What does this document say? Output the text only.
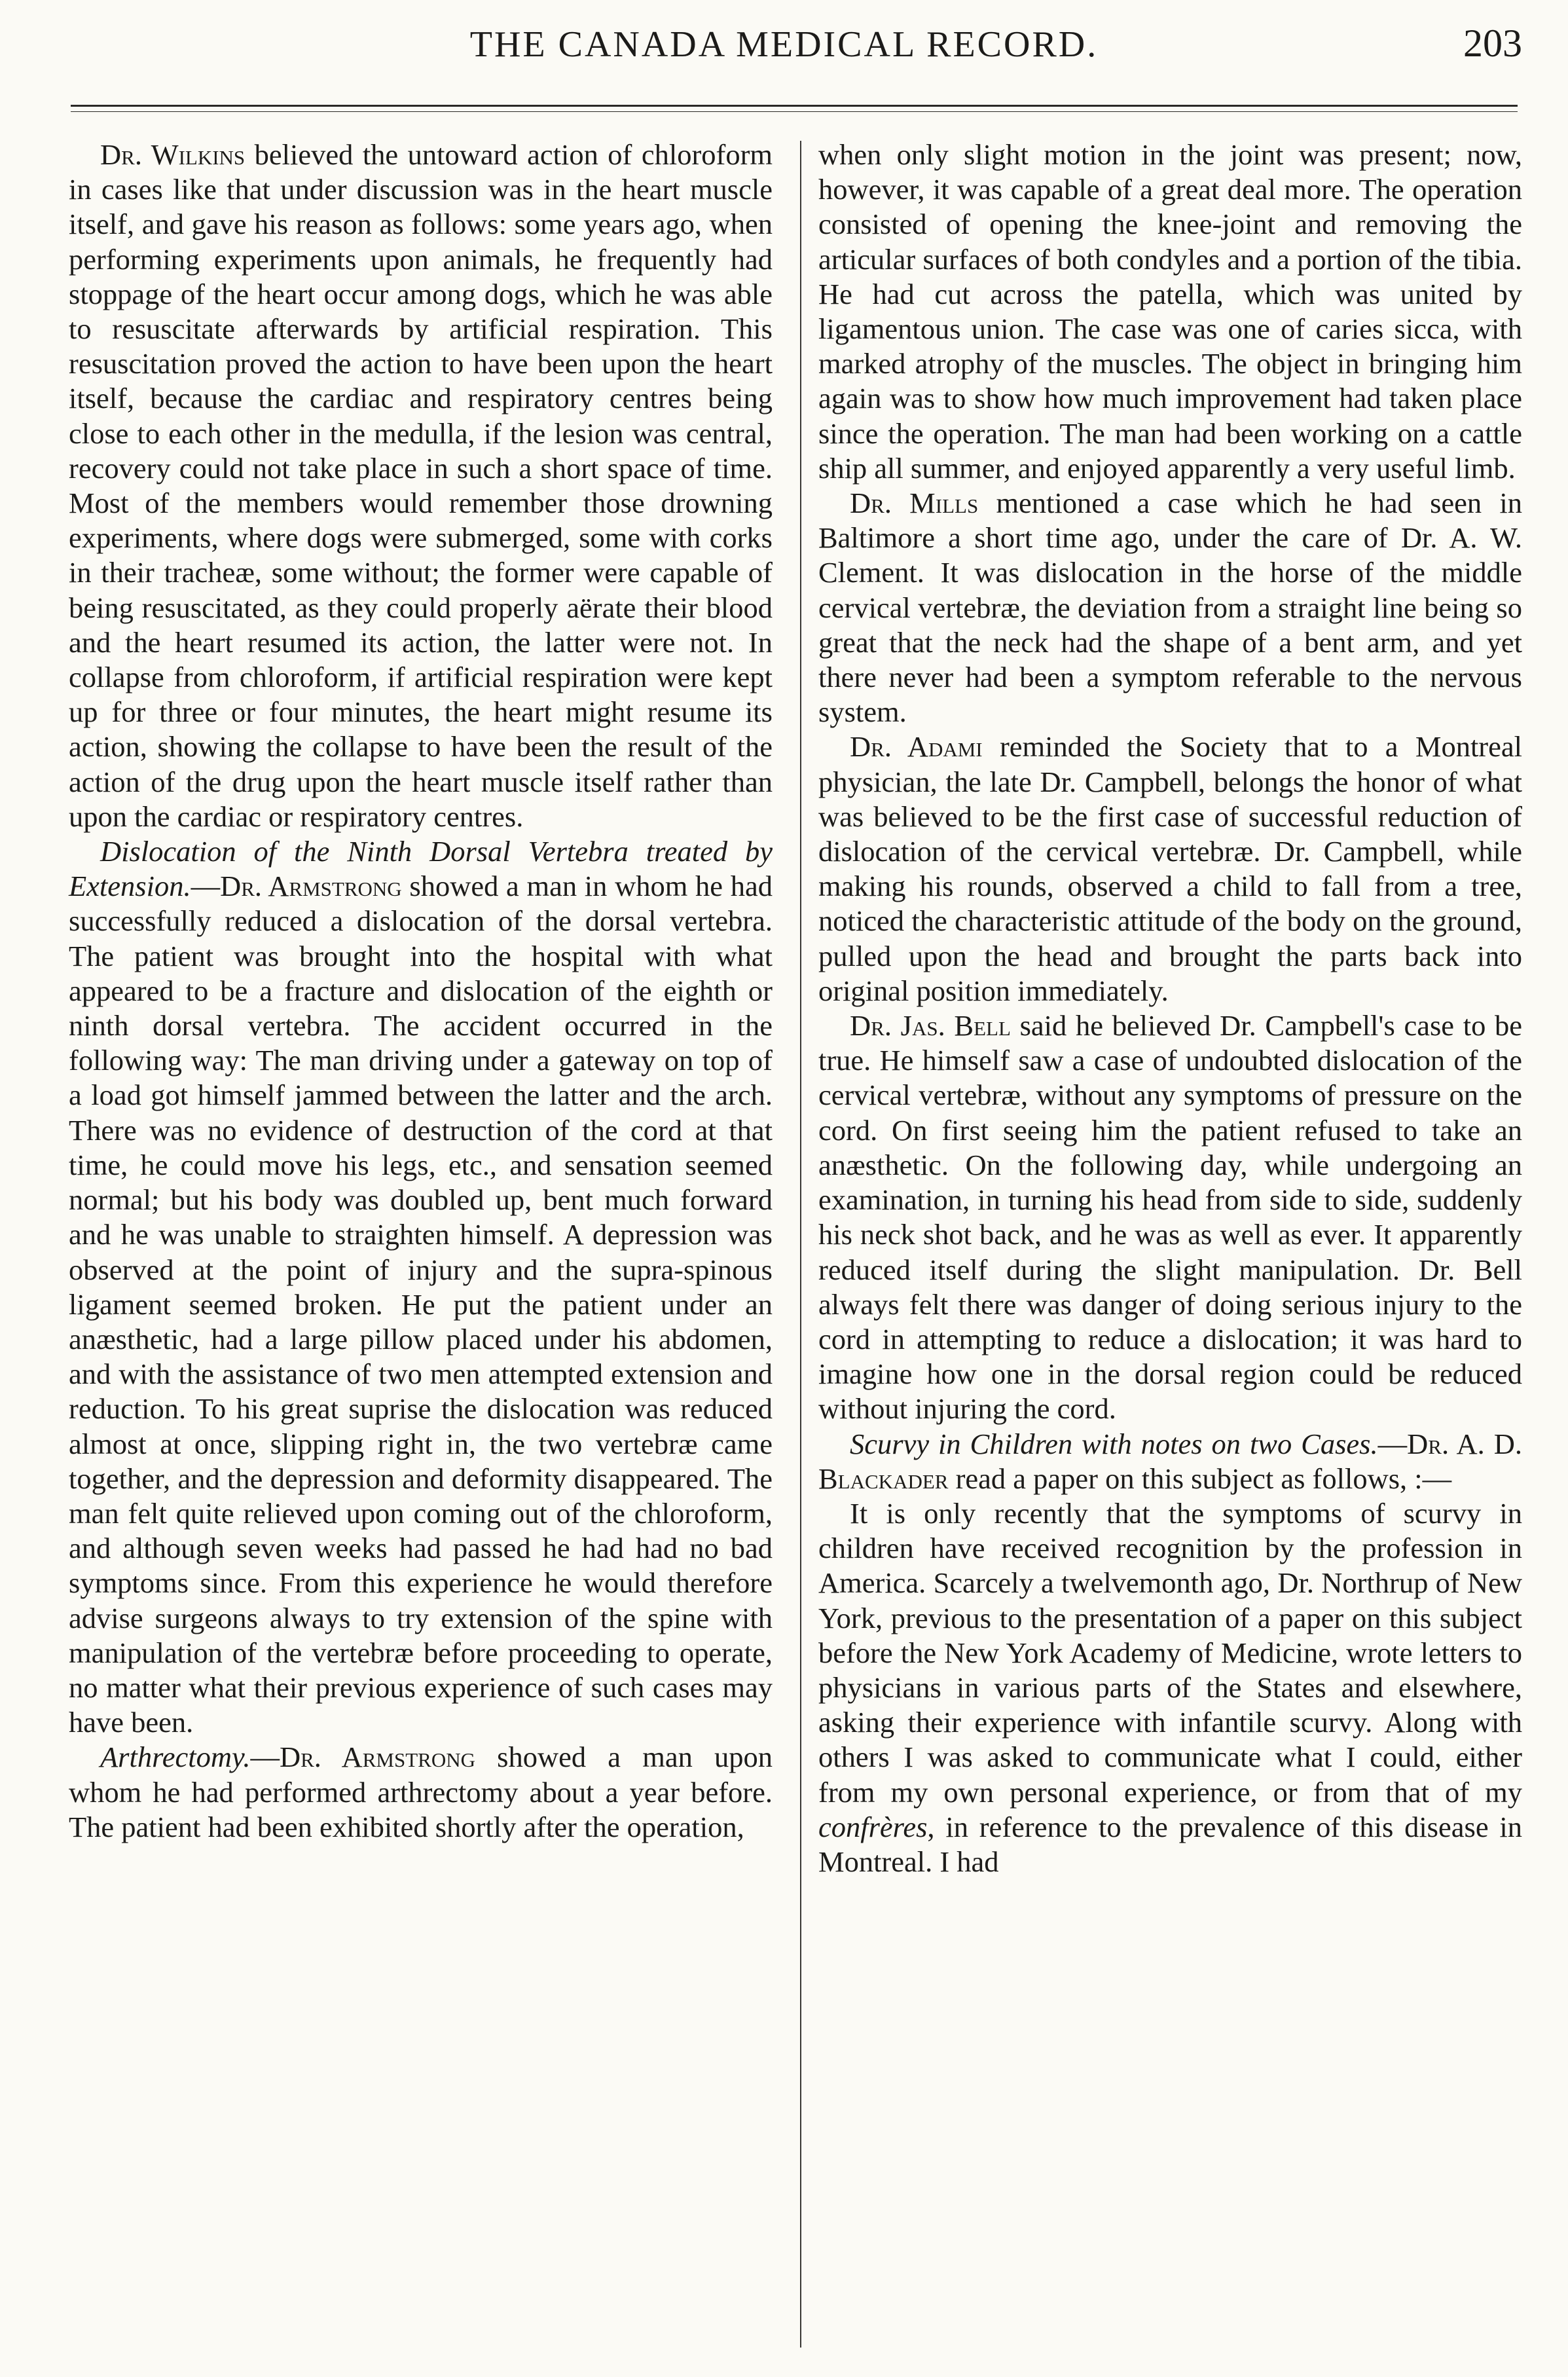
THE CANADA MEDICAL RECORD.	203

Dr. Wilkins believed the untoward action of chloroform in cases like that under discussion was in the heart muscle itself, and gave his reason as follows: some years ago, when performing experiments upon animals, he frequently had stoppage of the heart occur among dogs, which he was able to resuscitate afterwards by artificial respiration. This resuscitation proved the action to have been upon the heart itself, because the cardiac and respiratory centres being close to each other in the medulla, if the lesion was central, recovery could not take place in such a short space of time. Most of the members would remember those drowning experiments, where dogs were submerged, some with corks in their tracheæ, some without; the former were capable of being resuscitated, as they could properly aërate their blood and the heart resumed its action, the latter were not. In collapse from chloroform, if artificial respiration were kept up for three or four minutes, the heart might resume its action, showing the collapse to have been the result of the action of the drug upon the heart muscle itself rather than upon the cardiac or respiratory centres.

Dislocation of the Ninth Dorsal Vertebra treated by Extension.—Dr. Armstrong showed a man in whom he had successfully reduced a dislocation of the dorsal vertebra. The patient was brought into the hospital with what appeared to be a fracture and dislocation of the eighth or ninth dorsal vertebra. The accident occurred in the following way: The man driving under a gateway on top of a load got himself jammed between the latter and the arch. There was no evidence of destruction of the cord at that time, he could move his legs, etc., and sensation seemed normal; but his body was doubled up, bent much forward and he was unable to straighten himself. A depression was observed at the point of injury and the supra-spinous ligament seemed broken. He put the patient under an anæsthetic, had a large pillow placed under his abdomen, and with the assistance of two men attempted extension and reduction. To his great suprise the dislocation was reduced almost at once, slipping right in, the two vertebræ came together, and the depression and deformity disappeared. The man felt quite relieved upon coming out of the chloroform, and although seven weeks had passed he had had no bad symptoms since. From this experience he would therefore advise surgeons always to try extension of the spine with manipulation of the vertebræ before proceeding to operate, no matter what their previous experience of such cases may have been.

Arthrectomy.—Dr. Armstrong showed a man upon whom he had performed arthrectomy about a year before. The patient had been exhibited shortly after the operation,

when only slight motion in the joint was present; now, however, it was capable of a great deal more. The operation consisted of opening the knee-joint and removing the articular surfaces of both condyles and a portion of the tibia. He had cut across the patella, which was united by ligamentous union. The case was one of caries sicca, with marked atrophy of the muscles. The object in bringing him again was to show how much improvement had taken place since the operation. The man had been working on a cattle ship all summer, and enjoyed apparently a very useful limb.

Dr. Mills mentioned a case which he had seen in Baltimore a short time ago, under the care of Dr. A. W. Clement. It was dislocation in the horse of the middle cervical vertebræ, the deviation from a straight line being so great that the neck had the shape of a bent arm, and yet there never had been a symptom referable to the nervous system.

Dr. Adami reminded the Society that to a Montreal physician, the late Dr. Campbell, belongs the honor of what was believed to be the first case of successful reduction of dislocation of the cervical vertebræ. Dr. Campbell, while making his rounds, observed a child to fall from a tree, noticed the characteristic attitude of the body on the ground, pulled upon the head and brought the parts back into original position immediately.

Dr. Jas. Bell said he believed Dr. Campbell's case to be true. He himself saw a case of undoubted dislocation of the cervical vertebræ, without any symptoms of pressure on the cord. On first seeing him the patient refused to take an anæsthetic. On the following day, while undergoing an examination, in turning his head from side to side, suddenly his neck shot back, and he was as well as ever. It apparently reduced itself during the slight manipulation. Dr. Bell always felt there was danger of doing serious injury to the cord in attempting to reduce a dislocation; it was hard to imagine how one in the dorsal region could be reduced without injuring the cord.

Scurvy in Children with notes on two Cases.—Dr. A. D. Blackader read a paper on this subject as follows, :—

It is only recently that the symptoms of scurvy in children have received recognition by the profession in America. Scarcely a twelvemonth ago, Dr. Northrup of New York, previous to the presentation of a paper on this subject before the New York Academy of Medicine, wrote letters to physicians in various parts of the States and elsewhere, asking their experience with infantile scurvy. Along with others I was asked to communicate what I could, either from my own personal experience, or from that of my confrères, in reference to the prevalence of this disease in Montreal. I had
